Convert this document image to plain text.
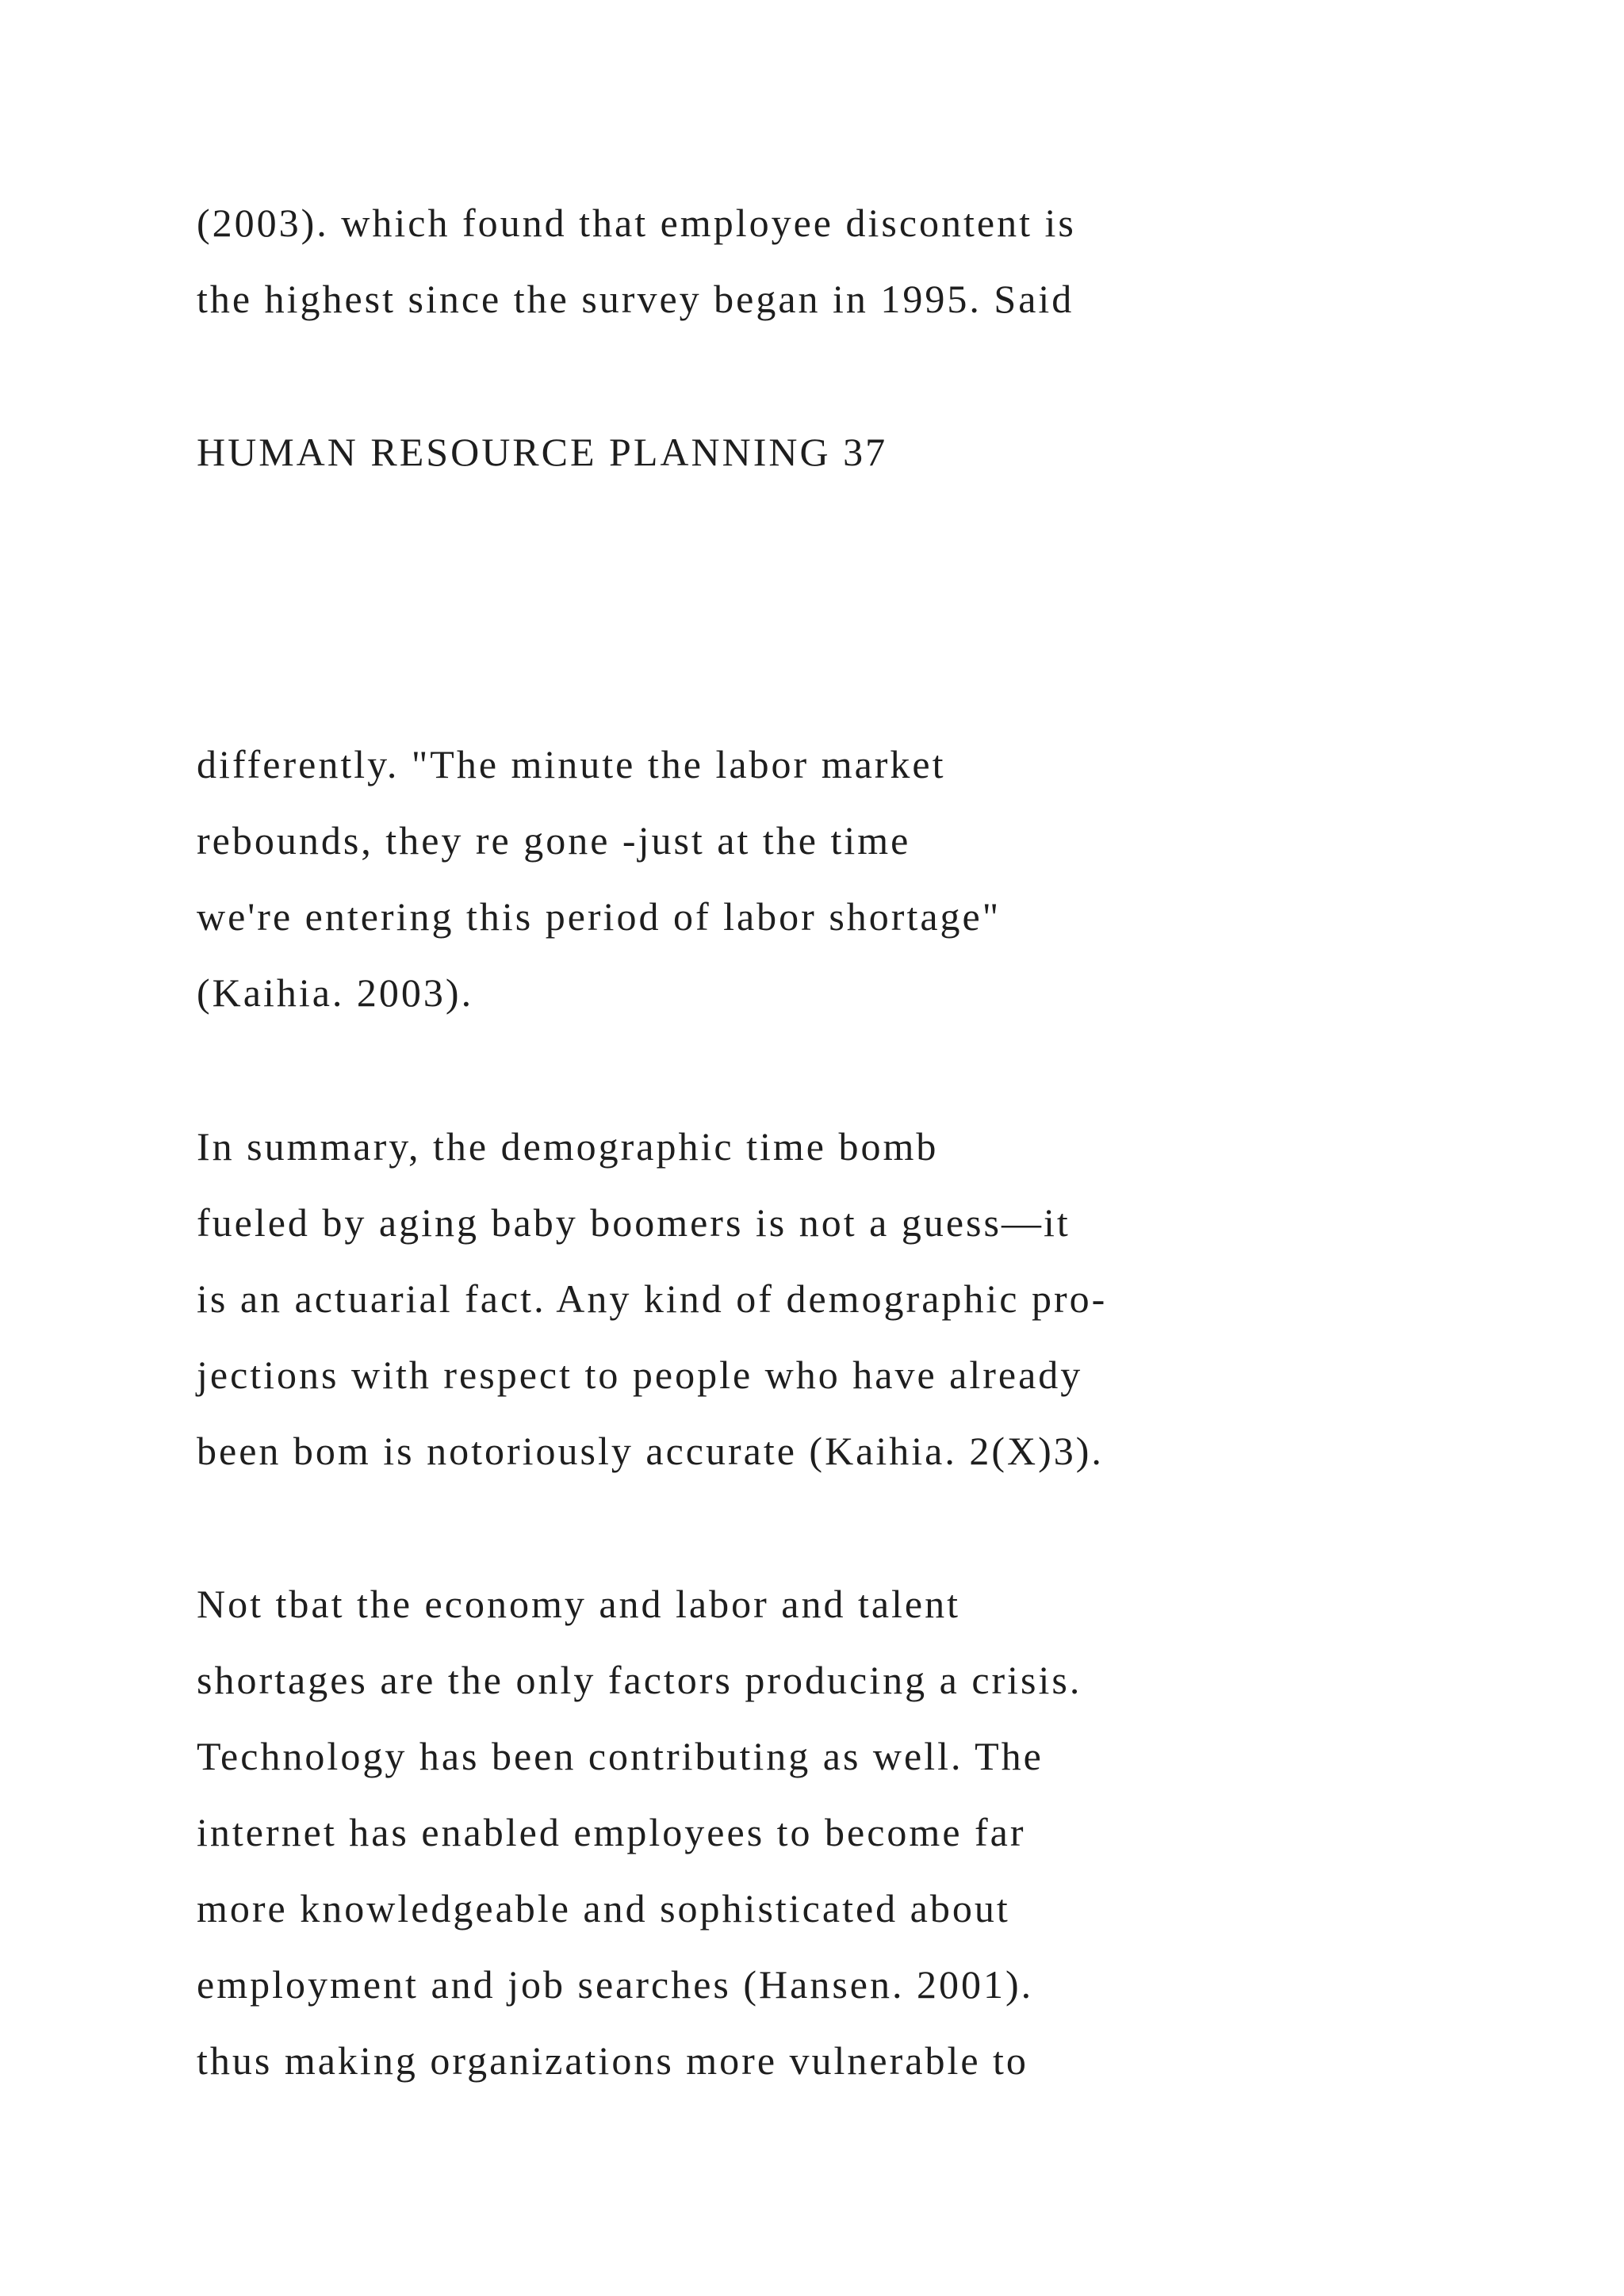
(2003). which found that employee discontent is

the highest since the survey began in 1995. Said

HUMAN RESOURCE PLANNING 37

differently. "The minute the labor market

rebounds, they re gone -just at the time

we're entering this period of labor shortage"

(Kaihia. 2003).

In summary, the demographic time bomb

fueled by aging baby boomers is not a guess—it

is an actuarial fact. Any kind of demographic pro-

jections with respect to people who have already

been bom is notoriously accurate (Kaihia. 2(X)3).

Not tbat the economy and labor and talent

shortages are the only factors producing a crisis.

Technology has been contributing as well. The

internet has enabled employees to become far

more knowledgeable and sophisticated about

employment and job searches (Hansen. 2001).

thus making organizations more vulnerable to
